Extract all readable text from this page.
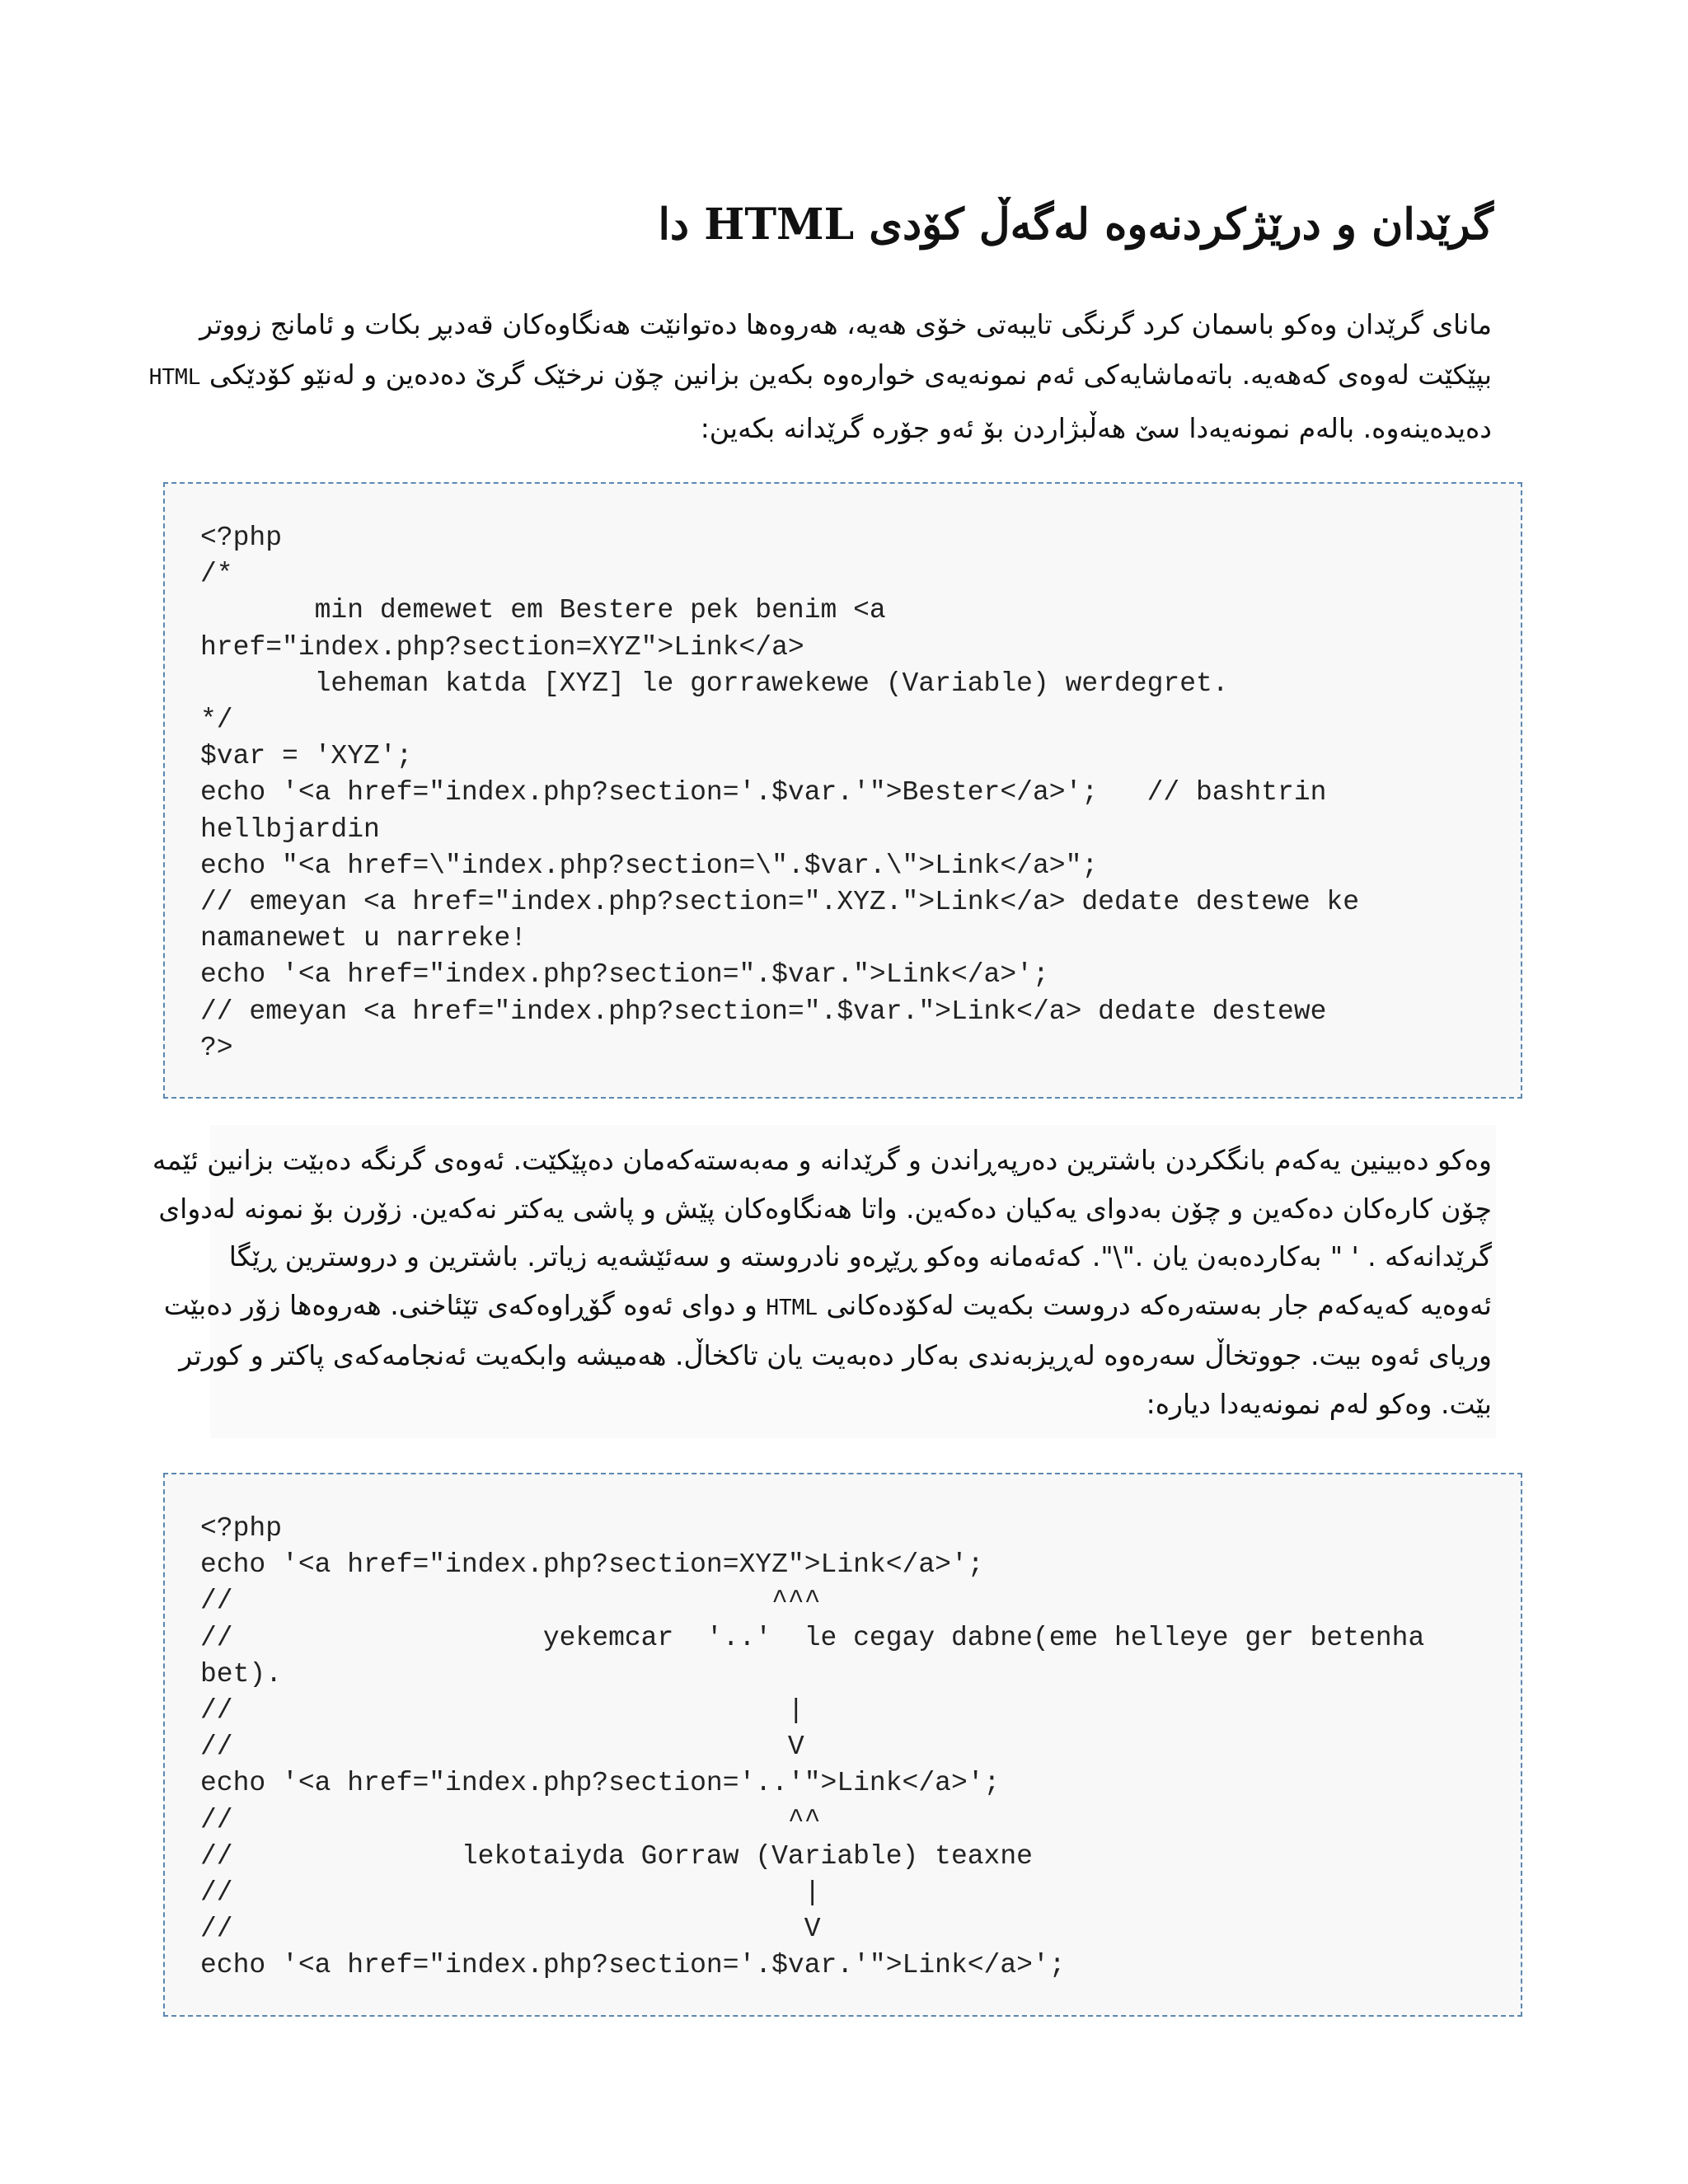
گرێدان و درێژکردنەوە لەگەڵ کۆدی HTML دا

مانای گرێدان وەکو باسمان کرد گرنگی تایبەتی خۆی هەیە، هەروەها دەتوانێت هەنگاوەکان قەدبڕ بکات و ئامانج زووتر
بپێکێت لەوەی کەهەیە. باتەماشایەکی ئەم نمونەیەی خوارەوە بکەین بزانین چۆن نرخێک گرێ دەدەین و لەنێو کۆدێکی HTML
دەیدەینەوە. بالەم نمونەیەدا سێ هەڵبژاردن بۆ ئەو جۆرە گرێدانە بکەین:

<?php
/*
min demewet em Bestere pek benim <a
href="index.php?section=XYZ">Link</a>
leheman katda [XYZ] le gorrawekewe (Variable) werdegret.
*/
$var = 'XYZ';
echo '<a href="index.php?section='.$var.'">Bester</a>';   // bashtrin
hellbjardin
echo "<a href=\"index.php?section=\".$var.\">Link</a>";
// emeyan <a href="index.php?section=".XYZ.">Link</a> dedate destewe ke
namanewet u narreke!
echo '<a href="index.php?section=".$var.">Link</a>';
// emeyan <a href="index.php?section=".$var.">Link</a> dedate destewe
?>

وەکو دەبینین یەکەم بانگکردن باشترین دەرپەڕاندن و گرێدانە و مەبەستەکەمان دەپێکێت. ئەوەی گرنگە دەبێت بزانین ئێمە
چۆن کارەکان دەکەین و چۆن بەدوای یەکیان دەکەین. واتا هەنگاوەکان پێش و پاشی یەکتر نەکەین. زۆرن بۆ نمونە لەدوای
گرێدانەکە . ' " بەکاردەبەن یان ."\". کەئەمانە وەکو ڕێڕەو نادروستە و سەئێشەیە زیاتر. باشترین و دروسترین ڕێگا
ئەوەیە کەیەکەم جار بەستەرەکە دروست بکەیت لەکۆدەکانی HTML و دوای ئەوە گۆڕاوەکەی تێئاخنی. هەروەها زۆر دەبێت
وریای ئەوە بیت. جووتخاڵ سەرەوە لەڕیزبەندی بەکار دەبەیت یان تاکخاڵ. هەمیشە وابکەیت ئەنجامەکەی پاکتر و کورتر
بێت. وەکو لەم نمونەیەدا دیارە:

<?php
echo '<a href="index.php?section=XYZ">Link</a>';
//                                 ^^^
//                   yekemcar  '..'  le cegay dabne(eme helleye ger betenha
bet).
//                                  |
//                                  V
echo '<a href="index.php?section='..'">Link</a>';
//                                  ^^
//              lekotaiyda Gorraw (Variable) teaxne
//                                   |
//                                   V
echo '<a href="index.php?section='.$var.'">Link</a>';
